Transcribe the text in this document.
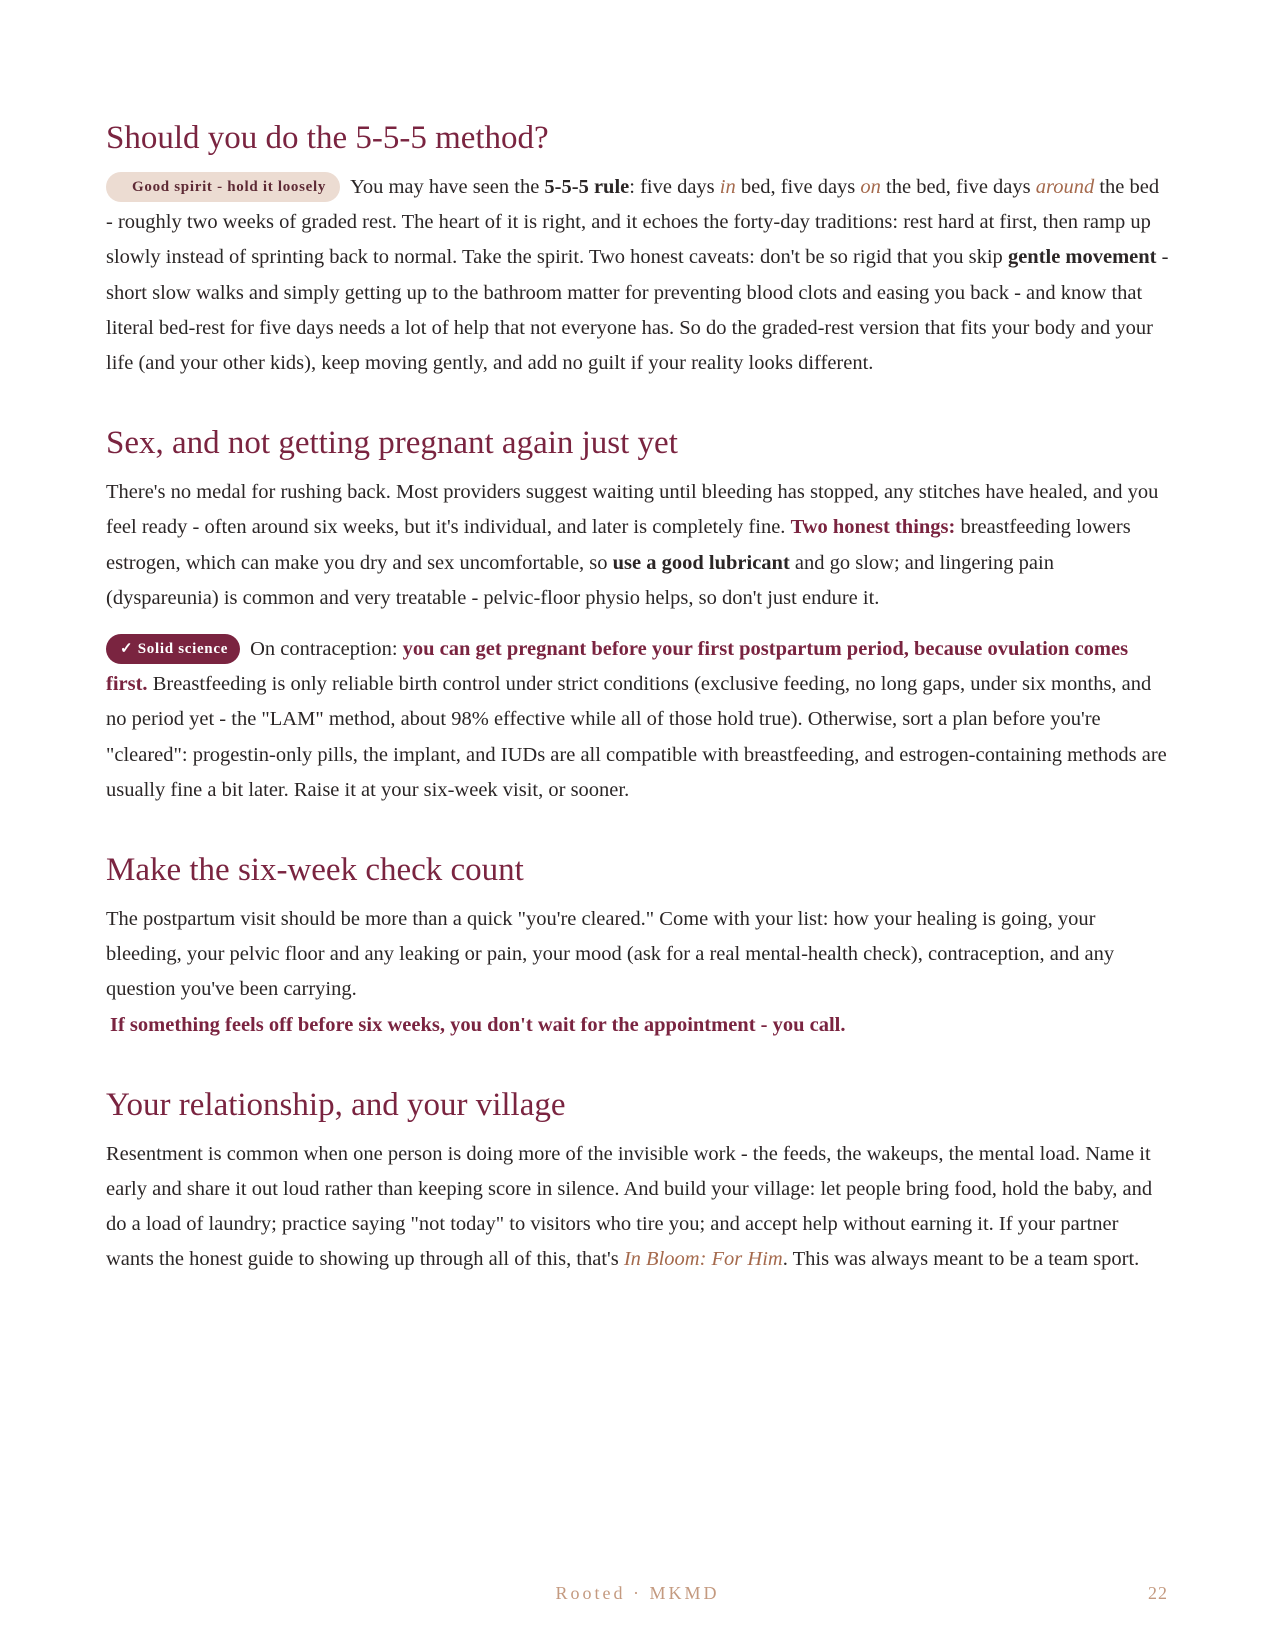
Should you do the 5-5-5 method?

Good spirit - hold it loosely You may have seen the 5-5-5 rule: five days in bed, five days on the bed, five days around the bed - roughly two weeks of graded rest. The heart of it is right, and it echoes the forty-day traditions: rest hard at first, then ramp up slowly instead of sprinting back to normal. Take the spirit. Two honest caveats: don't be so rigid that you skip gentle movement - short slow walks and simply getting up to the bathroom matter for preventing blood clots and easing you back - and know that literal bed-rest for five days needs a lot of help that not everyone has. So do the graded-rest version that fits your body and your life (and your other kids), keep moving gently, and add no guilt if your reality looks different.

Sex, and not getting pregnant again just yet

There's no medal for rushing back. Most providers suggest waiting until bleeding has stopped, any stitches have healed, and you feel ready - often around six weeks, but it's individual, and later is completely fine. Two honest things: breastfeeding lowers estrogen, which can make you dry and sex uncomfortable, so use a good lubricant and go slow; and lingering pain (dyspareunia) is common and very treatable - pelvic-floor physio helps, so don't just endure it.

✓ Solid science On contraception: you can get pregnant before your first postpartum period, because ovulation comes first. Breastfeeding is only reliable birth control under strict conditions (exclusive feeding, no long gaps, under six months, and no period yet - the "LAM" method, about 98% effective while all of those hold true). Otherwise, sort a plan before you're "cleared": progestin-only pills, the implant, and IUDs are all compatible with breastfeeding, and estrogen-containing methods are usually fine a bit later. Raise it at your six-week visit, or sooner.

Make the six-week check count

The postpartum visit should be more than a quick "you're cleared." Come with your list: how your healing is going, your bleeding, your pelvic floor and any leaking or pain, your mood (ask for a real mental-health check), contraception, and any question you've been carrying.

If something feels off before six weeks, you don't wait for the appointment - you call.
Your relationship, and your village

Resentment is common when one person is doing more of the invisible work - the feeds, the wakeups, the mental load. Name it early and share it out loud rather than keeping score in silence. And build your village: let people bring food, hold the baby, and do a load of laundry; practice saying "not today" to visitors who tire you; and accept help without earning it. If your partner wants the honest guide to showing up through all of this, that's In Bloom: For Him. This was always meant to be a team sport.

Rooted · MKMD	22
